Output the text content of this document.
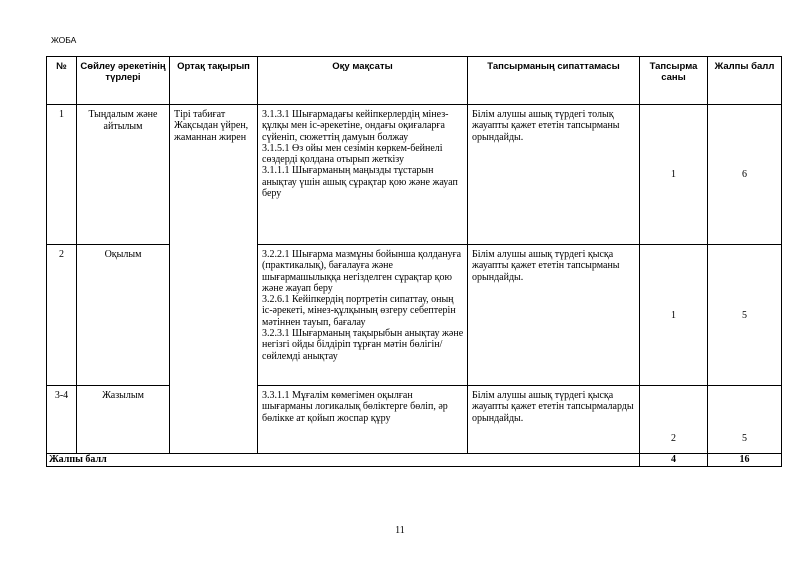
ЖОБА
№	Сөйлеу әрекетінің түрлері	Ортақ тақырып	Оқу мақсаты	Тапсырманың сипаттамасы	Тапсырма саны	Жалпы балл
1	Тыңдалым және айтылым	Тірі табиғат Жақсыдан үйрен, жаманнан жирен	3.1.3.1 Шығармадағы кейіпкерлердің мінез-құлқы мен іс-әрекетіне, ондағы оқиғаларға сүйеніп, сюжеттің дамуын болжау
3.1.5.1 Өз ойы мен сезімін көркем-бейнелі сөздерді қолдана отырып жеткізу
3.1.1.1 Шығарманың маңызды тұстарын анықтау үшін ашық сұрақтар қою және жауап беру	Білім алушы ашық түрдегі толық жауапты қажет ететін тапсырманы орындайды.	1	6
2	Оқылым		3.2.2.1 Шығарма мазмұны бойынша қолдануға (практикалық), бағалауға және шығармашылыққа негізделген сұрақтар қою және жауап беру
3.2.6.1 Кейіпкердің портретін сипаттау, оның іс-әрекеті, мінез-құлқының өзгеру себептерін мәтіннен тауып, бағалау
3.2.3.1 Шығарманың тақырыбын анықтау және негізгі ойды білдіріп тұрған мәтін бөлігін/сөйлемді анықтау	Білім алушы ашық түрдегі қысқа жауапты қажет ететін тапсырманы орындайды.	1	5
3-4	Жазылым		3.3.1.1 Мұғалім көмегімен оқылған шығарманы логикалық бөліктерге бөліп, әр бөлікке ат қойып жоспар құру	Білім алушы ашық түрдегі қысқа жауапты қажет ететін тапсырмаларды орындайды.	2	5
Жалпы балл					4	16
11
